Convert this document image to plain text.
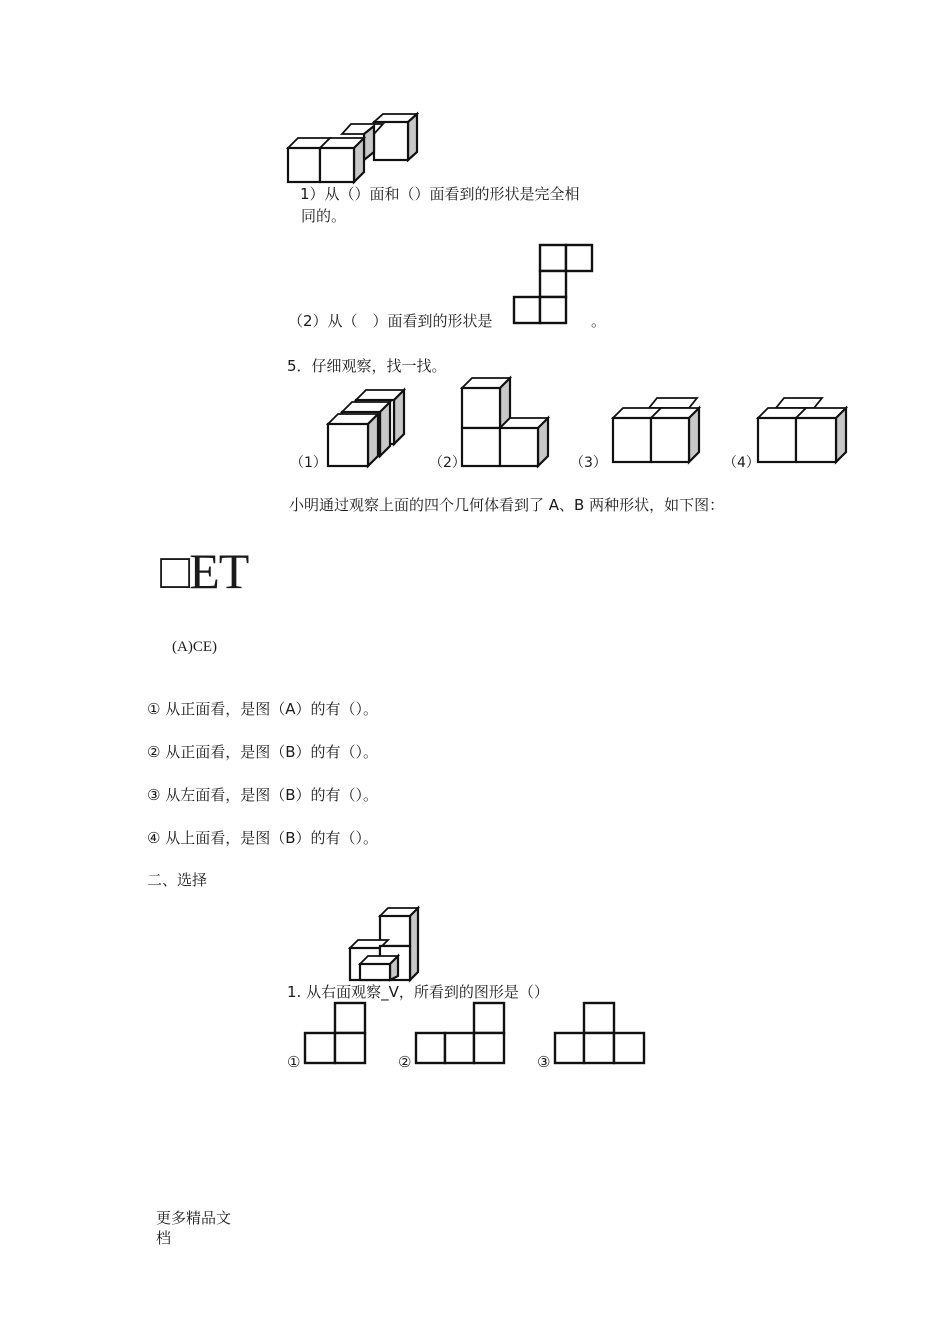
1）从（）面和（）面看到的形状是完全相
同的。
（2）从（　）面看到的形状是	。
5．仔细观察，找一找。
（1）	（2）	（3）	（4）
小明通过观察上面的四个几何体看到了 A、B 两种形状，如下图：
□ET
(A)CE)
① 从正面看，是图（A）的有（）。
② 从正面看，是图（B）的有（）。
③ 从左面看，是图（B）的有（）。
④ 从上面看，是图（B）的有（）。
二、选择
1. 从右面观察_V，所看到的图形是（）
①	②	③
更多精品文
档
